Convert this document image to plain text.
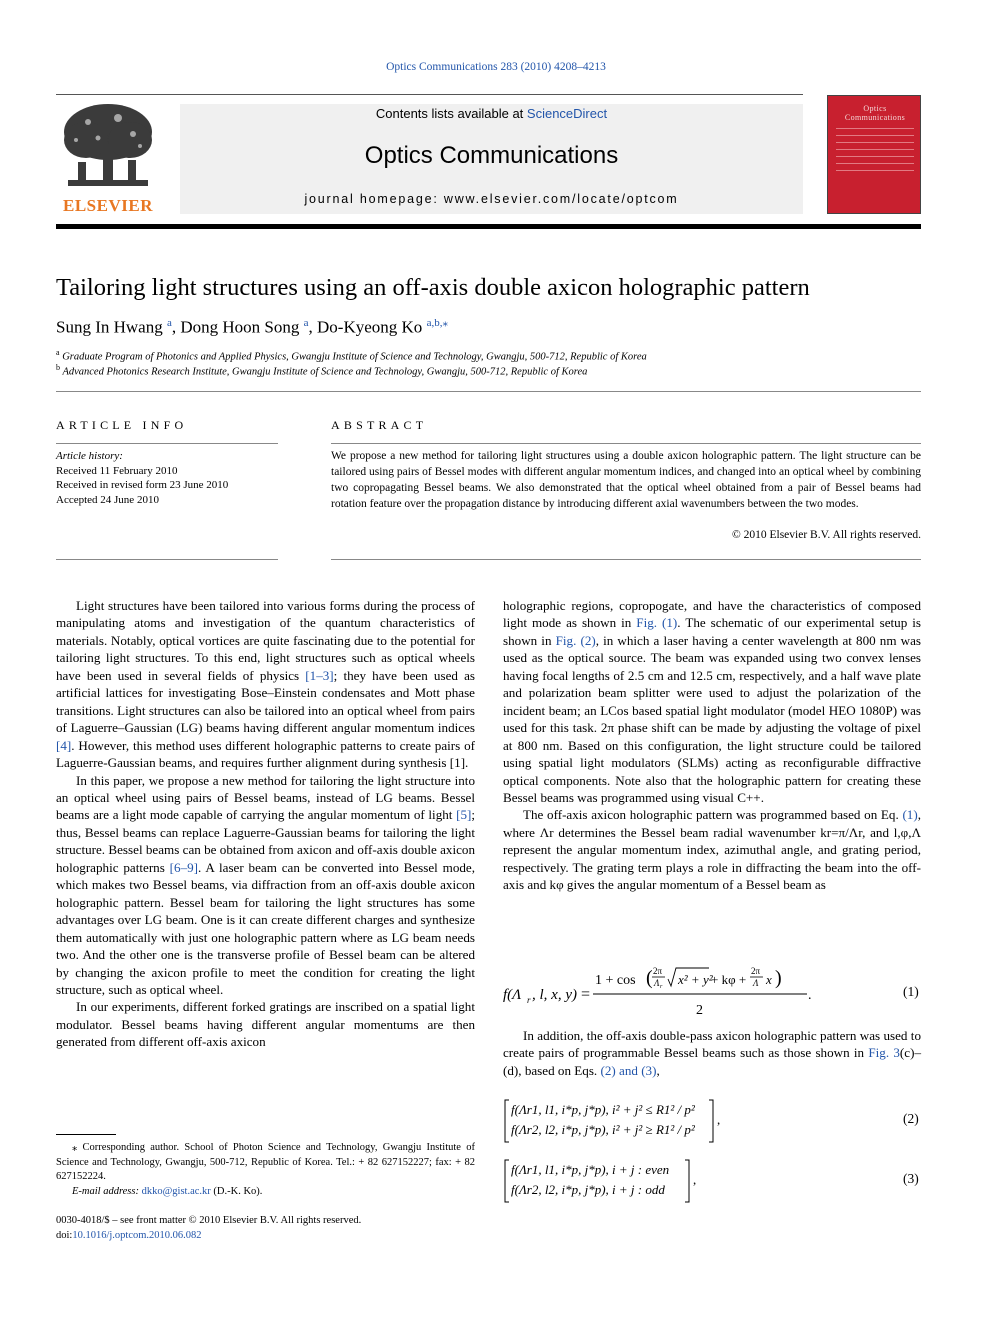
Optics Communications 283 (2010) 4208–4213
ELSEVIER
Contents lists available at ScienceDirect
Optics Communications
journal homepage: www.elsevier.com/locate/optcom
Optics Communications
Tailoring light structures using an off-axis double axicon holographic pattern
Sung In Hwang $^a$, Dong Hoon Song $^a$, Do-Kyeong Ko $^{a,b,⁎}$
$^a$ Graduate Program of Photonics and Applied Physics, Gwangju Institute of Science and Technology, Gwangju, 500-712, Republic of Korea
$^b$ Advanced Photonics Research Institute, Gwangju Institute of Science and Technology, Gwangju, 500-712, Republic of Korea
ARTICLE INFO	ABSTRACT
Article history:
Received 11 February 2010
Received in revised form 23 June 2010
Accepted 24 June 2010
We propose a new method for tailoring light structures using a double axicon holographic pattern. The light structure can be tailored using pairs of Bessel modes with different angular momentum indices, and changed into an optical wheel by combining two copropagating Bessel beams. We also demonstrated that the optical wheel obtained from a pair of Bessel beams had rotation feature over the propagation distance by introducing different axial wavenumbers between the two modes.
© 2010 Elsevier B.V. All rights reserved.

Light structures have been tailored into various forms during the process of manipulating atoms and investigation of the quantum characteristics of materials. Notably, optical vortices are quite fascinating due to the potential for tailoring light structures. To this end, light structures such as optical wheels have been used in several fields of physics [1–3]; they have been used as artificial lattices for investigating Bose–Einstein condensates and Mott phase transitions. Light structures can also be tailored into an optical wheel from pairs of Laguerre–Gaussian (LG) beams having different angular momentum indices [4]. However, this method uses different holographic patterns to create pairs of Laguerre-Gaussian beams, and requires further alignment during synthesis [1].

In this paper, we propose a new method for tailoring the light structure into an optical wheel using pairs of Bessel beams, instead of LG beams. Bessel beams are a light mode capable of carrying the angular momentum of light [5]; thus, Bessel beams can replace Laguerre-Gaussian beams for tailoring the light structure. Bessel beams can be obtained from axicon and off-axis double axicon holographic patterns [6–9]. A laser beam can be converted into Bessel mode, which makes two Bessel beams, via diffraction from an off-axis double axicon holographic pattern. Bessel beam for tailoring the light structures has some advantages over LG beam. One is it can create different charges and synthesize them automatically with just one holographic pattern where as LG beam needs two. And the other one is the transverse profile of Bessel beam can be altered by changing the axicon profile to meet the condition for creating the light structure, such as optical wheel.

In our experiments, different forked gratings are inscribed on a spatial light modulator. Bessel beams having different angular momentums are then generated from different off-axis axicon

holographic regions, copropogate, and have the characteristics of composed light mode as shown in Fig. (1). The schematic of our experimental setup is shown in Fig. (2), in which a laser having a center wavelength at 800 nm was used as the optical source. The beam was expanded using two convex lenses having focal lengths of 2.5 cm and 12.5 cm, respectively, and a half wave plate and polarization beam splitter were used to adjust the polarization of the incident beam; an LCos based spatial light modulator (model HEO 1080P) was used for this task. 2π phase shift can be made by adjusting the voltage of pixel at 800 nm. Based on this configuration, the light structure could be tailored using spatial light modulators (SLMs) acting as reconfigurable diffractive optical components. Note also that the holographic pattern for creating these Bessel beams was programmed using visual C++.

The off-axis axicon holographic pattern was programmed based on Eq. (1), where Λr determines the Bessel beam radial wavenumber kr=π/Λr, and l,φ,Λ represent the angular momentum index, azimuthal angle, and grating period, respectively. The grating term plays a role in diffracting the beam into the off-axis and kφ gives the angular momentum of a Bessel beam as

f(Λ r , l, x, y) =
1 + cos ( 2π
Λ r x² + y²
+ kφ +
2π
Λ x )
2
.	(1)

In addition, the off-axis double-pass axicon holographic pattern was used to create pairs of programmable Bessel beams such as those shown in Fig. 3(c)–(d), based on Eqs. (2) and (3),

,
f(Λr1, l1, i*p, j*p), i² + j² ≤ R1² / p²
f(Λr2, l2, i*p, j*p), i² + j² ≥ R1² / p²
(2)
,
f(Λr1, l1, i*p, j*p), i + j : even
f(Λr2, l2, i*p, j*p), i + j : odd
(3)

⁎ Corresponding author. School of Photon Science and Technology, Gwangju Institute of Science and Technology, Gwangju, 500-712, Republic of Korea. Tel.: + 82 627152227; fax: + 82 627152224.

E-mail address: dkko@gist.ac.kr (D.-K. Ko).

0030-4018/$ – see front matter © 2010 Elsevier B.V. All rights reserved.
doi:10.1016/j.optcom.2010.06.082
